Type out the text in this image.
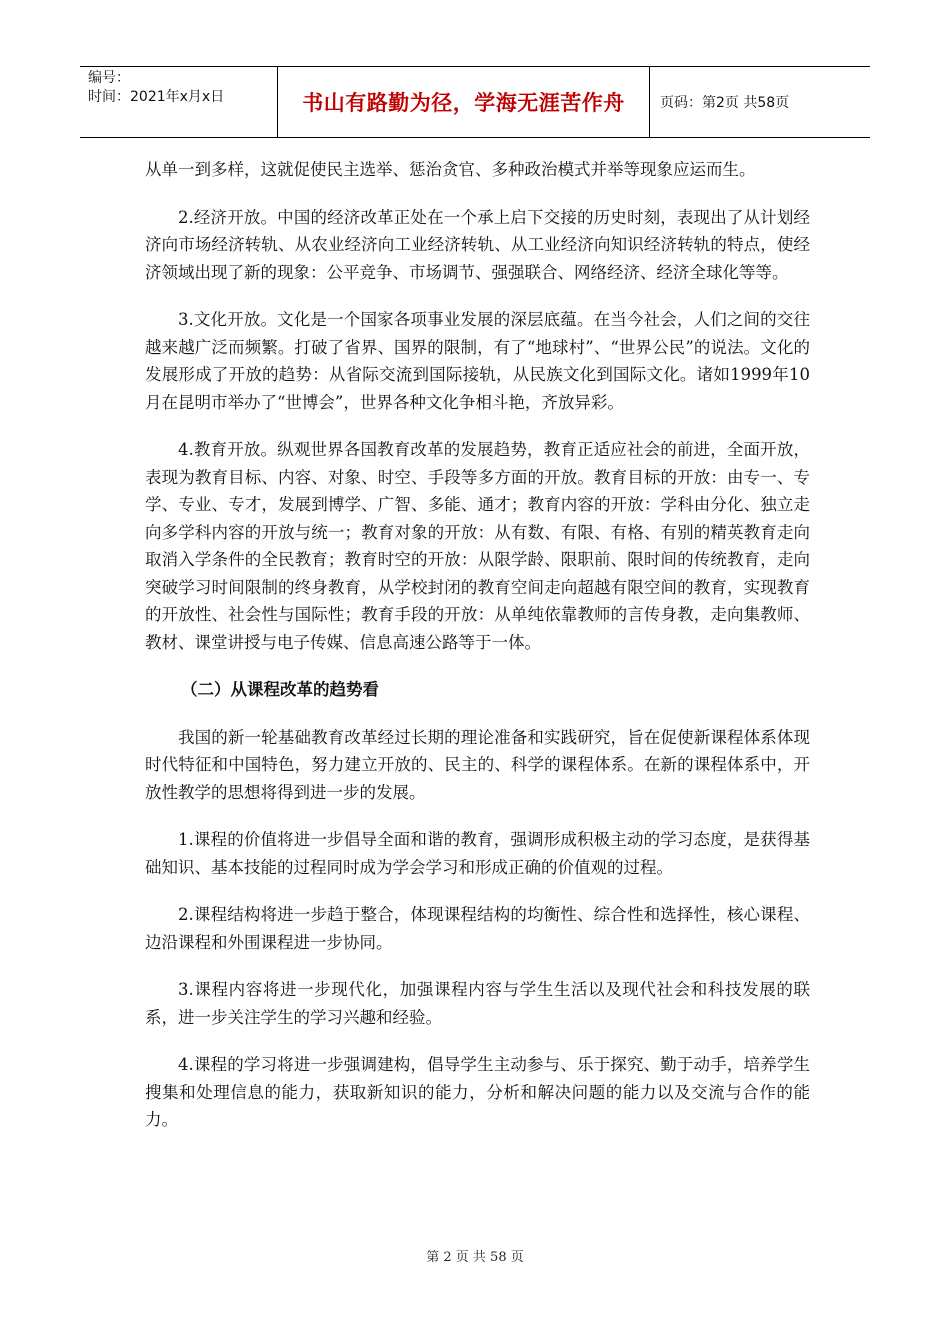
编号：
时间：2021年x月x日	书山有路勤为径，学海无涯苦作舟	页码：第2页 共58页

从单一到多样，这就促使民主选举、惩治贪官、多种政治模式并举等现象应运而生。

2.经济开放。中国的经济改革正处在一个承上启下交接的历史时刻，表现出了从计划经济向市场经济转轨、从农业经济向工业经济转轨、从工业经济向知识经济转轨的特点，使经济领域出现了新的现象：公平竞争、市场调节、强强联合、网络经济、经济全球化等等。

3.文化开放。文化是一个国家各项事业发展的深层底蕴。在当今社会，人们之间的交往越来越广泛而频繁。打破了省界、国界的限制，有了“地球村”、“世界公民”的说法。文化的发展形成了开放的趋势：从省际交流到国际接轨，从民族文化到国际文化。诸如1999年10月在昆明市举办了“世博会”，世界各种文化争相斗艳，齐放异彩。

4.教育开放。纵观世界各国教育改革的发展趋势，教育正适应社会的前进，全面开放，表现为教育目标、内容、对象、时空、手段等多方面的开放。教育目标的开放：由专一、专学、专业、专才，发展到博学、广智、多能、通才；教育内容的开放：学科由分化、独立走向多学科内容的开放与统一；教育对象的开放：从有数、有限、有格、有别的精英教育走向取消入学条件的全民教育；教育时空的开放：从限学龄、限职前、限时间的传统教育，走向突破学习时间限制的终身教育，从学校封闭的教育空间走向超越有限空间的教育，实现教育的开放性、社会性与国际性；教育手段的开放：从单纯依靠教师的言传身教，走向集教师、教材、课堂讲授与电子传媒、信息高速公路等于一体。

（二）从课程改革的趋势看

我国的新一轮基础教育改革经过长期的理论准备和实践研究，旨在促使新课程体系体现时代特征和中国特色，努力建立开放的、民主的、科学的课程体系。在新的课程体系中，开放性教学的思想将得到进一步的发展。

1.课程的价值将进一步倡导全面和谐的教育，强调形成积极主动的学习态度，是获得基础知识、基本技能的过程同时成为学会学习和形成正确的价值观的过程。

2.课程结构将进一步趋于整合，体现课程结构的均衡性、综合性和选择性，核心课程、边沿课程和外围课程进一步协同。

3.课程内容将进一步现代化，加强课程内容与学生生活以及现代社会和科技发展的联系，进一步关注学生的学习兴趣和经验。

4.课程的学习将进一步强调建构，倡导学生主动参与、乐于探究、勤于动手，培养学生搜集和处理信息的能力，获取新知识的能力，分析和解决问题的能力以及交流与合作的能力。

第 2 页 共 58 页
